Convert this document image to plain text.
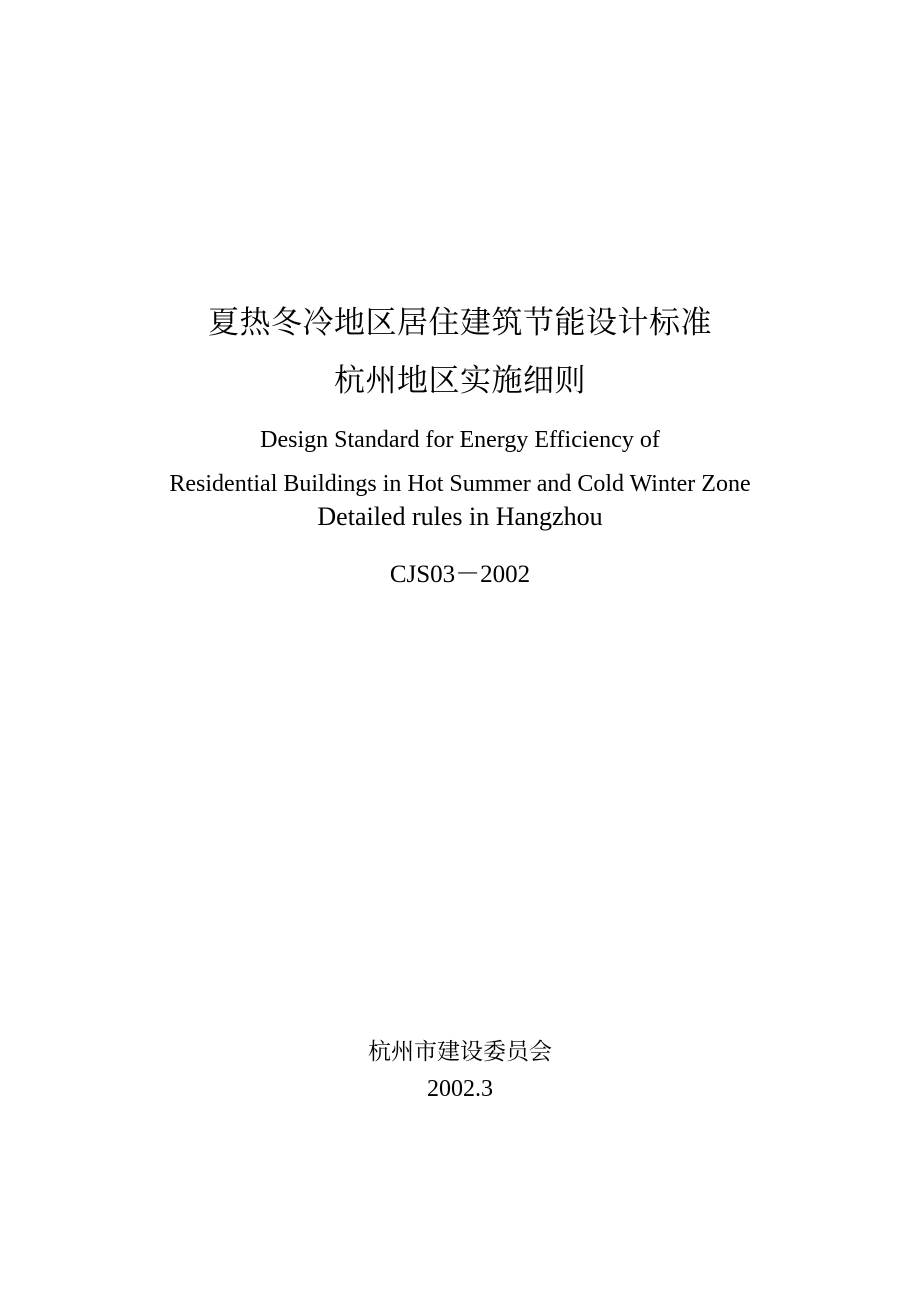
夏热冬冷地区居住建筑节能设计标准
杭州地区实施细则
Design Standard for Energy Efficiency of
Residential Buildings in Hot Summer and Cold Winter Zone
Detailed rules in Hangzhou
CJS03－2002
杭州市建设委员会
2002.3
